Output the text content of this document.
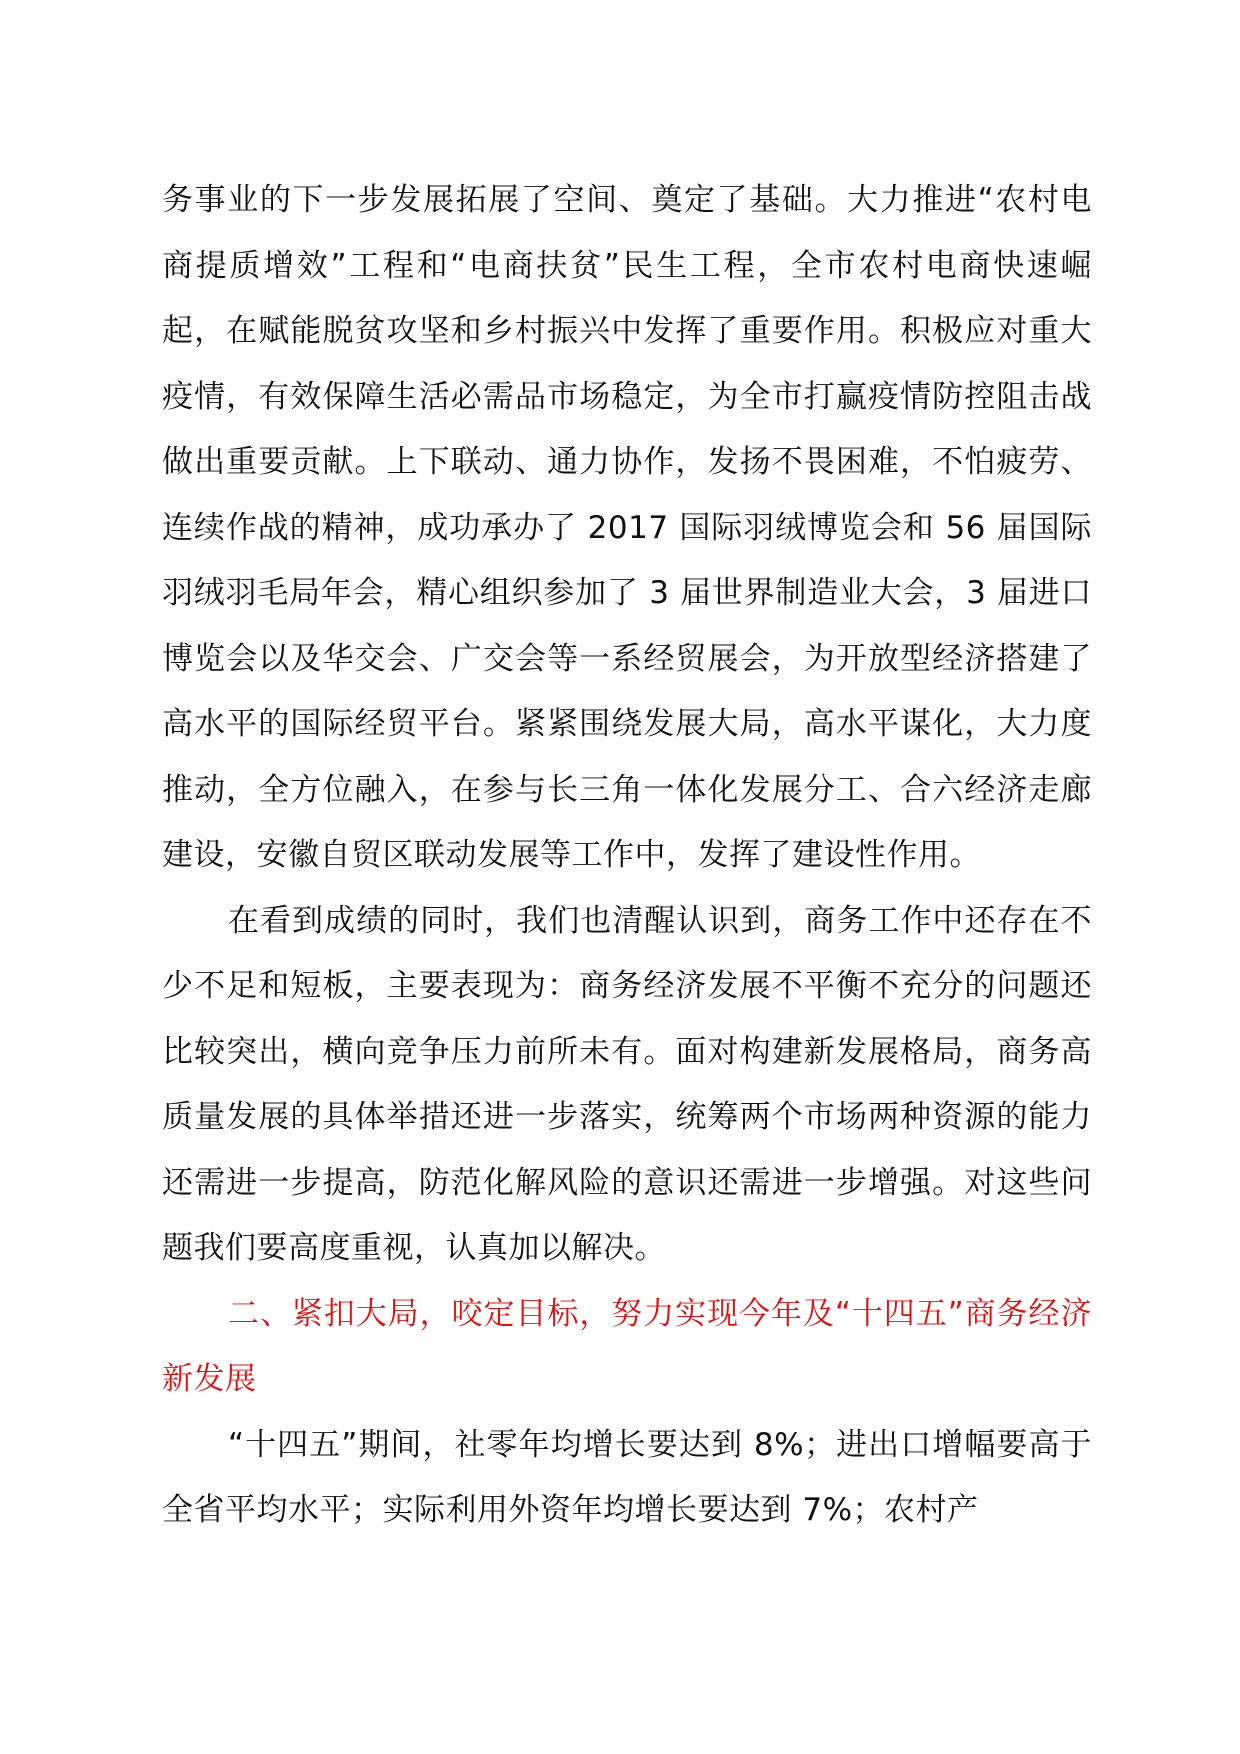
务事业的下一步发展拓展了空间、奠定了基础。大力推进“农村电商提质增效”工程和“电商扶贫”民生工程，全市农村电商快速崛起，在赋能脱贫攻坚和乡村振兴中发挥了重要作用。积极应对重大疫情，有效保障生活必需品市场稳定，为全市打赢疫情防控阻击战做出重要贡献。上下联动、通力协作，发扬不畏困难，不怕疲劳、连续作战的精神，成功承办了 2017 国际羽绒博览会和 56 届国际羽绒羽毛局年会，精心组织参加了 3 届世界制造业大会，3 届进口博览会以及华交会、广交会等一系经贸展会，为开放型经济搭建了高水平的国际经贸平台。紧紧围绕发展大局，高水平谋化，大力度推动，全方位融入，在参与长三角一体化发展分工、合六经济走廊建设，安徽自贸区联动发展等工作中，发挥了建设性作用。

在看到成绩的同时，我们也清醒认识到，商务工作中还存在不少不足和短板，主要表现为：商务经济发展不平衡不充分的问题还比较突出，横向竞争压力前所未有。面对构建新发展格局，商务高质量发展的具体举措还进一步落实，统筹两个市场两种资源的能力还需进一步提高，防范化解风险的意识还需进一步增强。对这些问题我们要高度重视，认真加以解决。

二、紧扣大局，咬定目标，努力实现今年及“十四五”商务经济新发展

“十四五”期间，社零年均增长要达到 8%；进出口增幅要高于全省平均水平；实际利用外资年均增长要达到 7%；农村产
